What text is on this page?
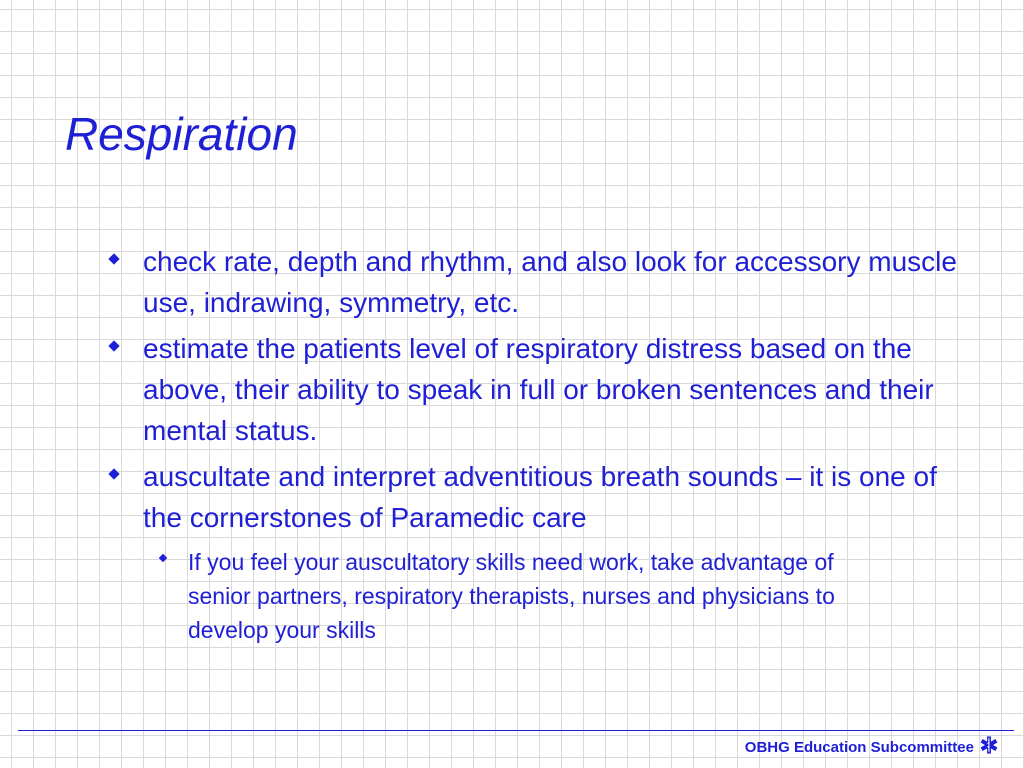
Respiration
check rate, depth and rhythm, and also look for accessory muscle use, indrawing, symmetry, etc.
estimate the patients level of respiratory distress based on the above, their ability to speak in full or broken sentences and their mental status.
auscultate and interpret adventitious breath sounds – it is one of the cornerstones of Paramedic care
If you feel your auscultatory skills need work, take advantage of senior partners, respiratory therapists, nurses and physicians to develop your skills
OBHG Education Subcommittee
